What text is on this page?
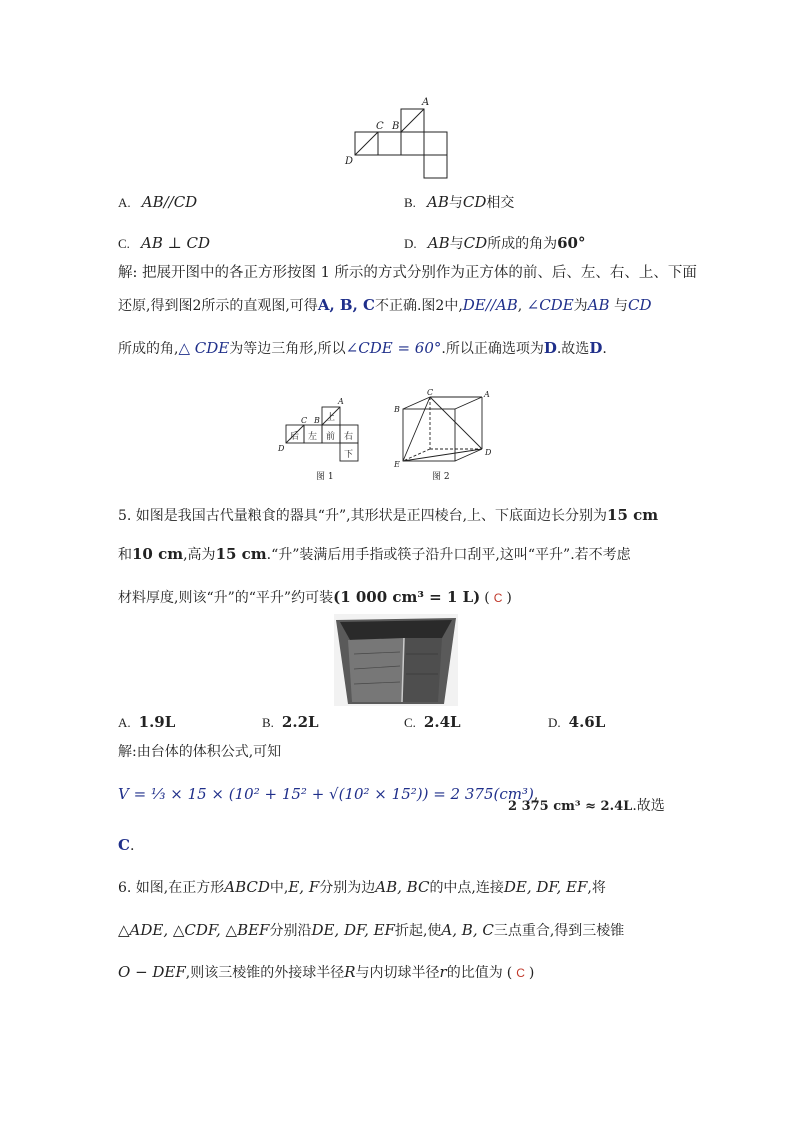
A
B
C
D
A. AB//CD	B. AB与CD相交
C. AB ⊥ CD	D. AB与CD所成的角为60°
解: 把展开图中的各正方形按图 1 所示的方式分别作为正方体的前、后、左、右、上、下面
还原,得到图2所示的直观图,可得A, B, C不正确.图2中,DE//AB, ∠CDE为AB 与CD
所成的角,△ CDE为等边三角形,所以∠CDE = 60°.所以正确选项为D.故选D.
上
后 左 前 右
下
A
B
C
D
图 1
C	A
B
E
D
图 2
5. 如图是我国古代量粮食的器具“升”,其形状是正四棱台,上、下底面边长分别为15 cm
和10 cm,高为15 cm.“升”装满后用手指或筷子沿升口刮平,这叫“平升”.若不考虑
材料厚度,则该“升”的“平升”约可装(1 000 cm³ = 1 L) ( C )
A. 1.9L	B. 2.2L	C. 2.4L	D. 4.6L
解:由台体的体积公式,可知
V = ⅓ × 15 × (10² + 15² + √(10² × 15²)) = 2 375(cm³),
2 375 cm³ ≈ 2.4L.故选
C.
6. 如图,在正方形ABCD中,E, F分别为边AB, BC的中点,连接DE, DF, EF,将
△ADE, △CDF, △BEF分别沿DE, DF, EF折起,使A, B, C三点重合,得到三棱锥
O − DEF,则该三棱锥的外接球半径R与内切球半径r的比值为 ( C )
